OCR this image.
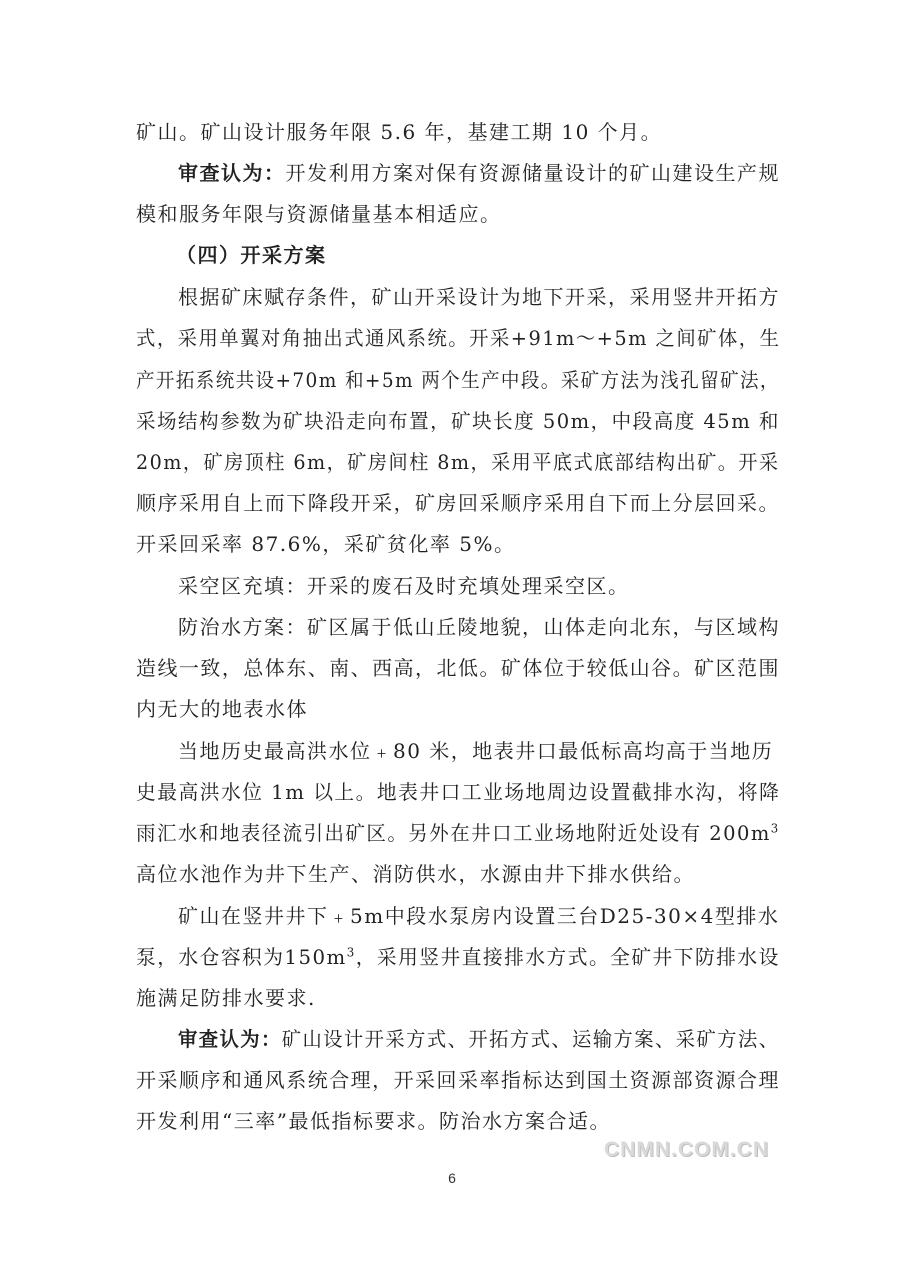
矿山。矿山设计服务年限 5.6 年，基建工期 10 个月。
审查认为：开发利用方案对保有资源储量设计的矿山建设生产规
模和服务年限与资源储量基本相适应。
（四）开采方案
根据矿床赋存条件，矿山开采设计为地下开采，采用竖井开拓方
式，采用单翼对角抽出式通风系统。开采+91m～+5m 之间矿体，生
产开拓系统共设+70m 和+5m 两个生产中段。采矿方法为浅孔留矿法，
采场结构参数为矿块沿走向布置，矿块长度 50m，中段高度 45m 和
20m，矿房顶柱 6m，矿房间柱 8m，采用平底式底部结构出矿。开采
顺序采用自上而下降段开采，矿房回采顺序采用自下而上分层回采。
开采回采率 87.6%，采矿贫化率 5%。
采空区充填：开采的废石及时充填处理采空区。
防治水方案：矿区属于低山丘陵地貌，山体走向北东，与区域构
造线一致，总体东、南、西高，北低。矿体位于较低山谷。矿区范围
内无大的地表水体
当地历史最高洪水位﹢80 米，地表井口最低标高均高于当地历
史最高洪水位 1m 以上。地表井口工业场地周边设置截排水沟，将降
雨汇水和地表径流引出矿区。另外在井口工业场地附近处设有 $200m^3$
高位水池作为井下生产、消防供水，水源由井下排水供给。
矿山在竖井井下﹢5m中段水泵房内设置三台D25-30×4型排水
泵，水仓容积为$150m^3$，采用竖井直接排水方式。全矿井下防排水设
施满足防排水要求.
审查认为：矿山设计开采方式、开拓方式、运输方案、采矿方法、
开采顺序和通风系统合理，开采回采率指标达到国土资源部资源合理
开发利用“三率”最低指标要求。防治水方案合适。
CNMN.COM.CN
6
